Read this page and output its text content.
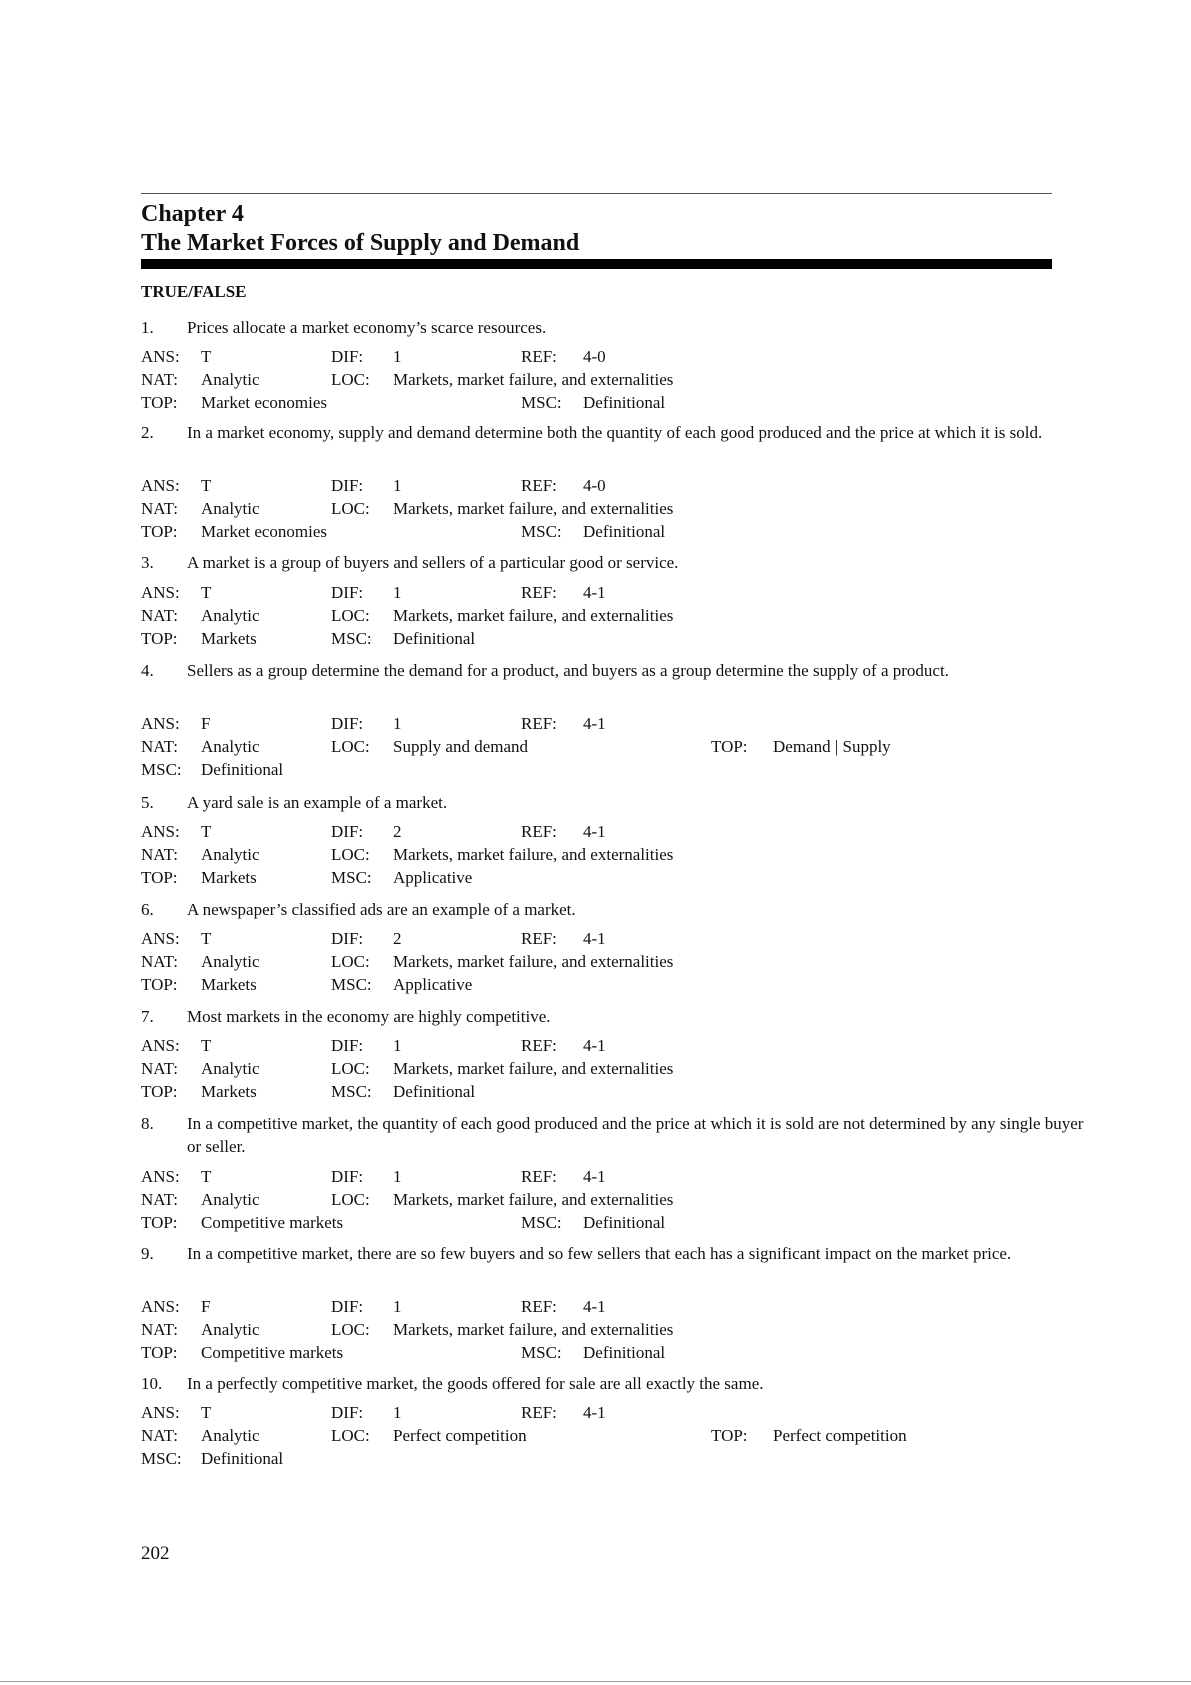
Chapter 4
The Market Forces of Supply and Demand
TRUE/FALSE
1. Prices allocate a market economy’s scarce resources.
ANS: T	DIF: 1	REF: 4-0
NAT: Analytic	LOC: Markets, market failure, and externalities
TOP: Market economies	MSC: Definitional
2. In a market economy, supply and demand determine both the quantity of each good produced and the price at which it is sold.
ANS: T	DIF: 1	REF: 4-0
NAT: Analytic	LOC: Markets, market failure, and externalities
TOP: Market economies	MSC: Definitional
3. A market is a group of buyers and sellers of a particular good or service.
ANS: T	DIF: 1	REF: 4-1
NAT: Analytic	LOC: Markets, market failure, and externalities
TOP: Markets	MSC: Definitional
4. Sellers as a group determine the demand for a product, and buyers as a group determine the supply of a product.
ANS: F	DIF: 1	REF: 4-1
NAT: Analytic	LOC: Supply and demand	TOP: Demand | Supply
MSC: Definitional
5. A yard sale is an example of a market.
ANS: T	DIF: 2	REF: 4-1
NAT: Analytic	LOC: Markets, market failure, and externalities
TOP: Markets	MSC: Applicative
6. A newspaper’s classified ads are an example of a market.
ANS: T	DIF: 2	REF: 4-1
NAT: Analytic	LOC: Markets, market failure, and externalities
TOP: Markets	MSC: Applicative
7. Most markets in the economy are highly competitive.
ANS: T	DIF: 1	REF: 4-1
NAT: Analytic	LOC: Markets, market failure, and externalities
TOP: Markets	MSC: Definitional
8. In a competitive market, the quantity of each good produced and the price at which it is sold are not determined by any single buyer or seller.
ANS: T	DIF: 1	REF: 4-1
NAT: Analytic	LOC: Markets, market failure, and externalities
TOP: Competitive markets	MSC: Definitional
9. In a competitive market, there are so few buyers and so few sellers that each has a significant impact on the market price.
ANS: F	DIF: 1	REF: 4-1
NAT: Analytic	LOC: Markets, market failure, and externalities
TOP: Competitive markets	MSC: Definitional
10. In a perfectly competitive market, the goods offered for sale are all exactly the same.
ANS: T	DIF: 1	REF: 4-1
NAT: Analytic	LOC: Perfect competition	TOP: Perfect competition
MSC: Definitional
202
